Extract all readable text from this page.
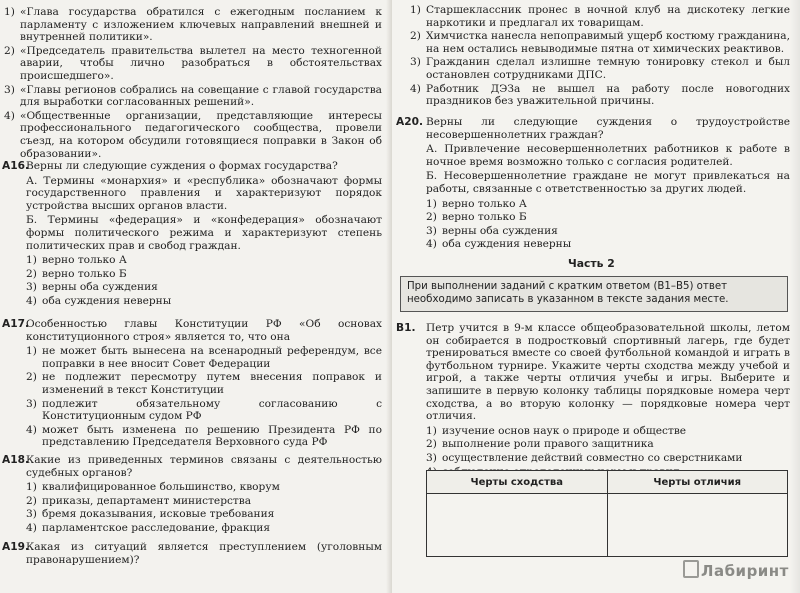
1) «Глава государства обратился с ежегодным посланием к парламенту с изложением ключевых направлений внешней и внутренней политики».
2) «Председатель правительства вылетел на место техногенной аварии, чтобы лично разобраться в обстоятельствах происшедшего».
3) «Главы регионов собрались на совещание с главой государства для выработки согласованных решений».
4) «Общественные организации, представляющие интересы профессионального педагогического сообщества, провели съезд, на котором обсудили готовящиеся поправки в Закон об образовании».
А16.

Верны ли следующие суждения о формах государства?

А. Термины «монархия» и «республика» обозначают формы государственного правления и характеризуют порядок устройства высших органов власти.

Б. Термины «федерация» и «конфедерация» обозначают формы политического режима и характеризуют степень политических прав и свобод граждан.

1) верно только А
2) верно только Б
3) верны оба суждения
4) оба суждения неверны
А17.

Особенностью главы Конституции РФ «Об основах конституционного строя» является то, что она

1) не может быть вынесена на всенародный референдум, все поправки в нее вносит Совет Федерации
2) не подлежит пересмотру путем внесения поправок и изменений в текст Конституции
3) подлежит обязательному согласованию с Конституционным судом РФ
4) может быть изменена по решению Президента РФ по представлению Председателя Верховного суда РФ
А18.

Какие из приведенных терминов связаны с деятельностью судебных органов?

1) квалифицированное большинство, кворум
2) приказы, департамент министерства
3) бремя доказывания, исковые требования
4) парламентское расследование, фракция
А19.

Какая из ситуаций является преступлением (уголовным правонарушением)?

1) Старшеклассник пронес в ночной клуб на дискотеку легкие наркотики и предлагал их товарищам.
2) Химчистка нанесла непоправимый ущерб костюму гражданина, на нем остались невыводимые пятна от химических реактивов.
3) Гражданин сделал излишне темную тонировку стекол и был остановлен сотрудниками ДПС.
4) Работник ДЭЗа не вышел на работу после новогодних праздников без уважительной причины.
А20. Верны ли следующие суждения о трудоустройстве несовершеннолетних граждан?

А. Привлечение несовершеннолетних работников к работе в ночное время возможно только с согласия родителей.

Б. Несовершеннолетние граждане не могут привлекаться на работы, связанные с ответственностью за других людей.

1) верно только А
2) верно только Б
3) верны оба суждения
4) оба суждения неверны
Часть 2
При выполнении заданий с кратким ответом (В1–В5) ответ необходимо записать в указанном в тексте задания месте.
В1. Петр учится в 9-м классе общеобразовательной школы, летом он собирается в подростковый спортивный лагерь, где будет тренироваться вместе со своей футбольной командой и играть в футбольном турнире. Укажите черты сходства между учебой и игрой, а также черты отличия учебы и игры. Выберите и запишите в первую колонку таблицы порядковые номера черт сходства, а во вторую колонку — порядковые номера черт отличия.

1) изучение основ наук о природе и обществе
2) выполнение роли правого защитника
3) осуществление действий совместно со сверстниками
Черты сходства	Черты отличия

Лабиринт
